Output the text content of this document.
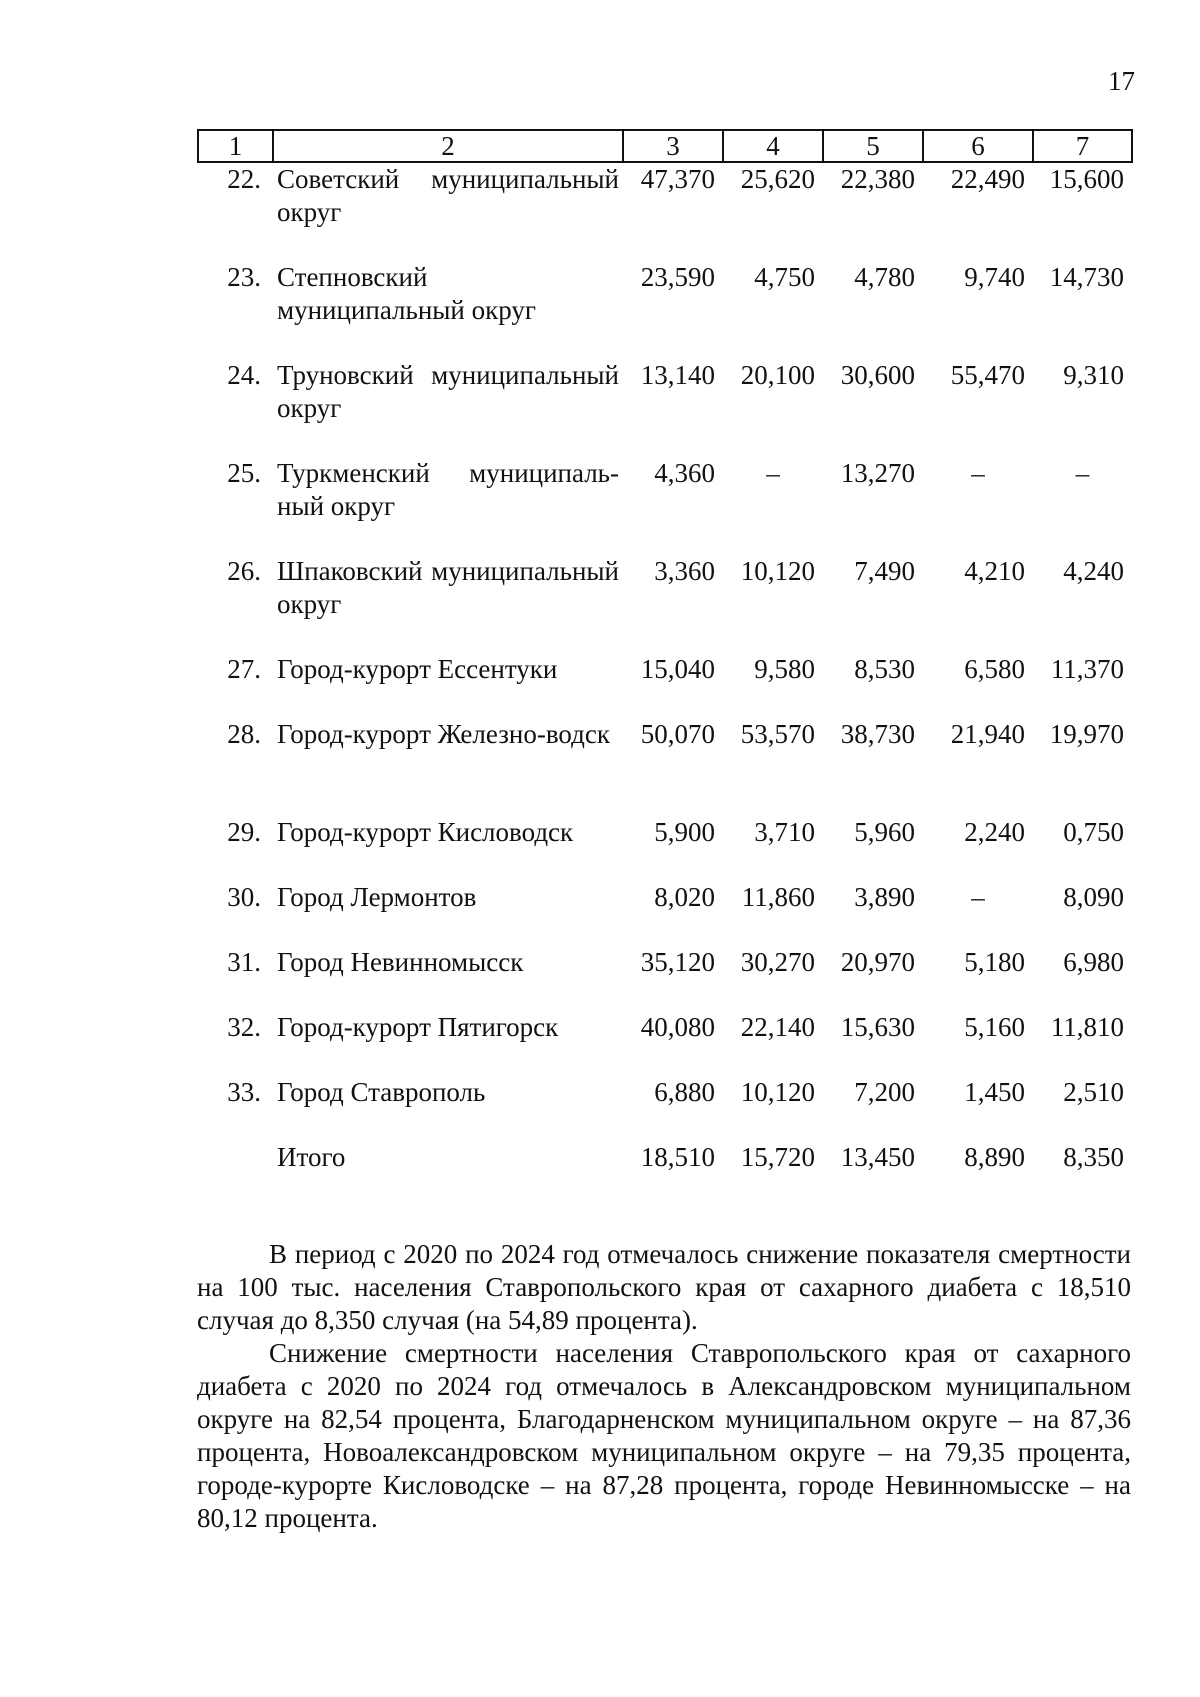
17
1	2	3	4	5	6	7

22.	Советский муниципальный округ	47,370	25,620	22,380	22,490	15,600

23.	Степновский муниципальный округ	23,590	4,750	4,780	9,740	14,730

24.	Труновский муниципальный округ	13,140	20,100	30,600	55,470	9,310

25.	Туркменский муниципаль-ный округ	4,360	–	13,270	–	–

26.	Шпаковский муниципальный округ	3,360	10,120	7,490	4,210	4,240

27.	Город-курорт Ессентуки	15,040	9,580	8,530	6,580	11,370

28.	Город-курорт Железно-водск	50,070	53,570	38,730	21,940	19,970

29.	Город-курорт Кисловодск	5,900	3,710	5,960	2,240	0,750

30.	Город Лермонтов	8,020	11,860	3,890	–	8,090

31.	Город Невинномысск	35,120	30,270	20,970	5,180	6,980

32.	Город-курорт Пятигорск	40,080	22,140	15,630	5,160	11,810

33.	Город Ставрополь	6,880	10,120	7,200	1,450	2,510

	Итого	18,510	15,720	13,450	8,890	8,350

В период с 2020 по 2024 год отмечалось снижение показателя смертности на 100 тыс. населения Ставропольского края от сахарного диабета с 18,510 случая до 8,350 случая (на 54,89 процента).

Снижение смертности населения Ставропольского края от сахарного диабета с 2020 по 2024 год отмечалось в Александровском муниципальном округе на 82,54 процента, Благодарненском муниципальном округе – на 87,36 процента, Новоалександровском муниципальном округе – на 79,35 процента, городе-курорте Кисловодске – на 87,28 процента, городе Невинномысске – на 80,12 процента.
